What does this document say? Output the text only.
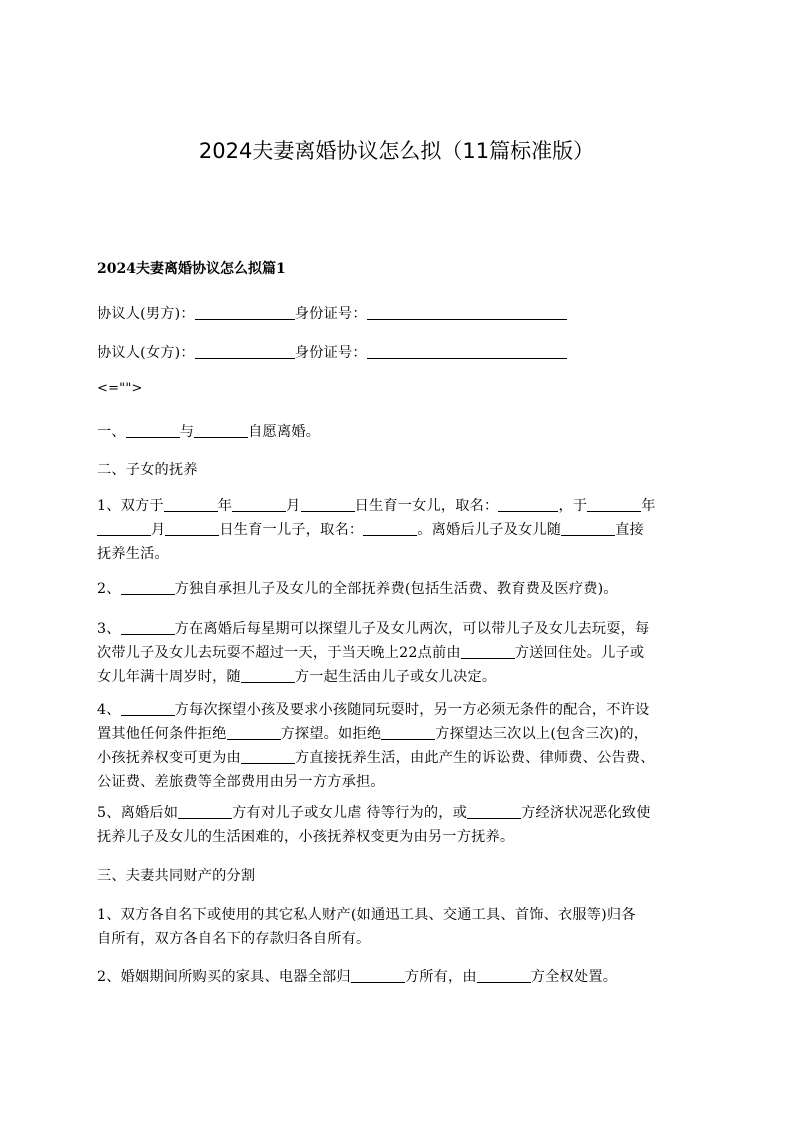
2024夫妻离婚协议怎么拟（11篇标准版）
2024夫妻离婚协议怎么拟篇1
协议人(男方)：	身份证号：
协议人(女方)：	身份证号：
<="">
一、	与	自愿离婚。
二、子女的抚养
1、双方于	年	月	日生育一女儿，取名：	，于	年
月	日生育一儿子，取名：	。离婚后儿子及女儿随	直接
抚养生活。
2、	方独自承担儿子及女儿的全部抚养费(包括生活费、教育费及医疗费)。
3、	方在离婚后每星期可以探望儿子及女儿两次，可以带儿子及女儿去玩耍，每
次带儿子及女儿去玩耍不超过一天，于当天晚上22点前由	方送回住处。儿子或
女儿年满十周岁时，随	方一起生活由儿子或女儿决定。
4、	方每次探望小孩及要求小孩随同玩耍时，另一方必须无条件的配合，不许设
置其他任何条件拒绝	方探望。如拒绝	方探望达三次以上(包含三次)的，
小孩抚养权变可更为由	方直接抚养生活，由此产生的诉讼费、律师费、公告费、
公证费、差旅费等全部费用由另一方方承担。
5、离婚后如	方有对儿子或女儿虐 待等行为的，或	方经济状况恶化致使
抚养儿子及女儿的生活困难的，小孩抚养权变更为由另一方抚养。
三、夫妻共同财产的分割
1、双方各自名下或使用的其它私人财产(如通迅工具、交通工具、首饰、衣服等)归各
自所有，双方各自名下的存款归各自所有。
2、婚姻期间所购买的家具、电器全部归	方所有，由	方全权处置。
